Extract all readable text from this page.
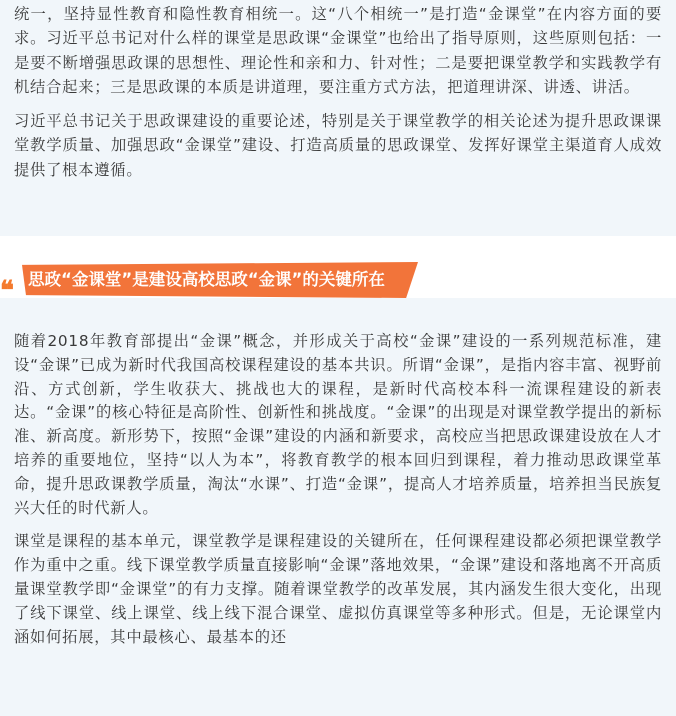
统一，坚持显性教育和隐性教育相统一。这“八个相统一”是打造“金课堂”在内容方面的要求。习近平总书记对什么样的课堂是思政课“金课堂”也给出了指导原则，这些原则包括：一是要不断增强思政课的思想性、理论性和亲和力、针对性；二是要把课堂教学和实践教学有机结合起来；三是思政课的本质是讲道理，要注重方式方法，把道理讲深、讲透、讲活。

习近平总书记关于思政课建设的重要论述，特别是关于课堂教学的相关论述为提升思政课课堂教学质量、加强思政“金课堂”建设、打造高质量的思政课堂、发挥好课堂主渠道育人成效提供了根本遵循。

❝ 思政“金课堂”是建设高校思政“金课”的关键所在

随着2018年教育部提出“金课”概念，并形成关于高校“金课”建设的一系列规范标准，建设“金课”已成为新时代我国高校课程建设的基本共识。所谓“金课”，是指内容丰富、视野前沿、方式创新，学生收获大、挑战也大的课程，是新时代高校本科一流课程建设的新表达。“金课”的核心特征是高阶性、创新性和挑战度。“金课”的出现是对课堂教学提出的新标准、新高度。新形势下，按照“金课”建设的内涵和新要求，高校应当把思政课建设放在人才培养的重要地位，坚持“以人为本”，将教育教学的根本回归到课程，着力推动思政课堂革命，提升思政课教学质量，淘汰“水课”、打造“金课”，提高人才培养质量，培养担当民族复兴大任的时代新人。

课堂是课程的基本单元，课堂教学是课程建设的关键所在，任何课程建设都必须把课堂教学作为重中之重。线下课堂教学质量直接影响“金课”落地效果，“金课”建设和落地离不开高质量课堂教学即“金课堂”的有力支撑。随着课堂教学的改革发展，其内涵发生很大变化，出现了线下课堂、线上课堂、线上线下混合课堂、虚拟仿真课堂等多种形式。但是，无论课堂内涵如何拓展，其中最核心、最基本的还
